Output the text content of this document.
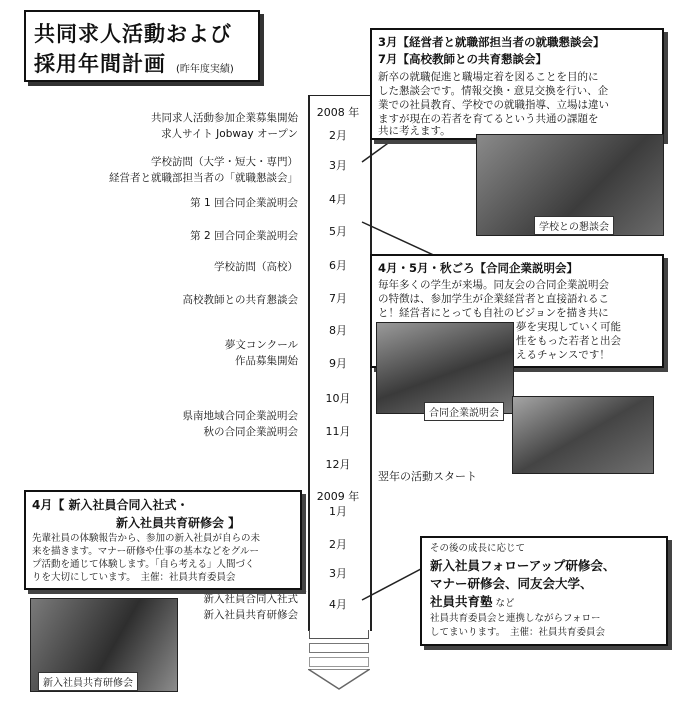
共同求人活動および
採用年間計画 (昨年度実績)
2008 年
2009 年
2月
3月
4月
5月
6月
7月
8月
9月
10月
11月
12月
1月
2月
3月
4月
共同求人活動参加企業募集開始
求人サイト Jobway オープン
学校訪問（大学・短大・専門）
経営者と就職部担当者の「就職懇談会」
第 1 回合同企業説明会
第 2 回合同企業説明会
学校訪問（高校）
高校教師との共育懇談会
夢文コンクール
作品募集開始
県南地域合同企業説明会
秋の合同企業説明会
新入社員合同入社式
新入社員共育研修会
翌年の活動スタート
3月【経営者と就職部担当者の就職懇談会】
7月【高校教師との共育懇談会】
新卒の就職促進と職場定着を図ることを目的に
した懇談会です。情報交換・意見交換を行い、企
業での社員教育、学校での就職指導、立場は違い
ますが現在の若者を育てるという共通の課題を
共に考えます。
学校との懇談会
4月・5月・秋ごろ【合同企業説明会】
毎年多くの学生が来場。同友会の合同企業説明会
の特徴は、参加学生が企業経営者と直接語れるこ
と！経営者にとっても自社のビジョンを描き共に
夢を実現していく可能
性をもった若者と出会
えるチャンスです！
合同企業説明会
4月【 新入社員合同入社式・
新入社員共育研修会 】
先輩社員の体験報告から、参加の新入社員が自らの未
来を描きます。マナー研修や仕事の基本などをグルー
プ活動を通じて体験します。「自ら考える」人間づく
りを大切にしています。　主催：社員共育委員会
新入社員共育研修会
その後の成長に応じて
新入社員フォローアップ研修会、
マナー研修会、同友会大学、
社員共育塾 など
社員共育委員会と連携しながらフォロー
してまいります。　主催：社員共育委員会
